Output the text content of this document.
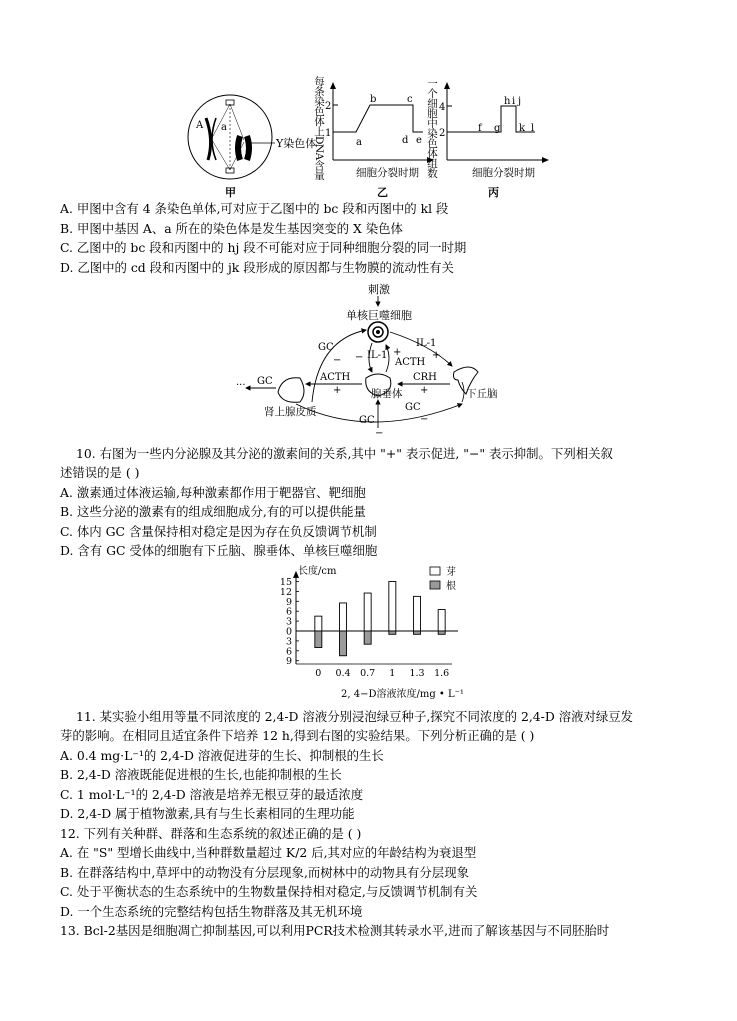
A a
Y染色体
甲
2
1
a
b	c
d e
细胞分裂时期
乙
4
2	f g
h i j
k l
细胞分裂时期
丙
每条染色体上DNA含量	一个细胞中染色体组数
A. 甲图中含有 4 条染色单体,可对应于乙图中的 bc 段和丙图中的 kl 段
B. 甲图中基因 A、a 所在的染色体是发生基因突变的 X 染色体
C. 乙图中的 bc 段和丙图中的 hj 段不可能对应于同种细胞分裂的同一时期
D. 乙图中的 cd 段和丙图中的 jk 段形成的原因都与生物膜的流动性有关
刺激
单核巨噬细胞
IL-1
IL-1
ACTH
GC
− −	+	+
ACTH
+
CRH
+
GC
···
腺垂体
肾上腺皮质
下丘脑
GC
−
GC
−
10. 右图为一些内分泌腺及其分泌的激素间的关系,其中 "+" 表示促进, "−" 表示抑制。下列相关叙
述错误的是 ( )
A. 激素通过体液运输,每种激素都作用于靶器官、靶细胞
B. 这些分泌的激素有的组成细胞成分,有的可以提供能量
C. 体内 GC 含量保持相对稳定是因为存在负反馈调节机制
D. 含有 GC 受体的细胞有下丘脑、腺垂体、单核巨噬细胞
15
12
9
6
3
0
3
6
9
0 0.4 0.7 1 1.3 1.6
长度/cm
2, 4−D溶液浓度/mg • L⁻¹
芽
根
11. 某实验小组用等量不同浓度的 2,4-D 溶液分别浸泡绿豆种子,探究不同浓度的 2,4-D 溶液对绿豆发
芽的影响。在相同且适宜条件下培养 12 h,得到右图的实验结果。下列分析正确的是 ( )
A. 0.4 mg·L⁻¹的 2,4-D 溶液促进芽的生长、抑制根的生长
B. 2,4-D 溶液既能促进根的生长,也能抑制根的生长
C. 1 mol·L⁻¹的 2,4-D 溶液是培养无根豆芽的最适浓度
D. 2,4-D 属于植物激素,具有与生长素相同的生理功能
12. 下列有关种群、群落和生态系统的叙述正确的是 ( )
A. 在 "S" 型增长曲线中,当种群数量超过 K/2 后,其对应的年龄结构为衰退型
B. 在群落结构中,草坪中的动物没有分层现象,而树林中的动物具有分层现象
C. 处于平衡状态的生态系统中的生物数量保持相对稳定,与反馈调节机制有关
D. 一个生态系统的完整结构包括生物群落及其无机环境
13. Bcl-2基因是细胞凋亡抑制基因,可以利用PCR技术检测其转录水平,进而了解该基因与不同胚胎时
